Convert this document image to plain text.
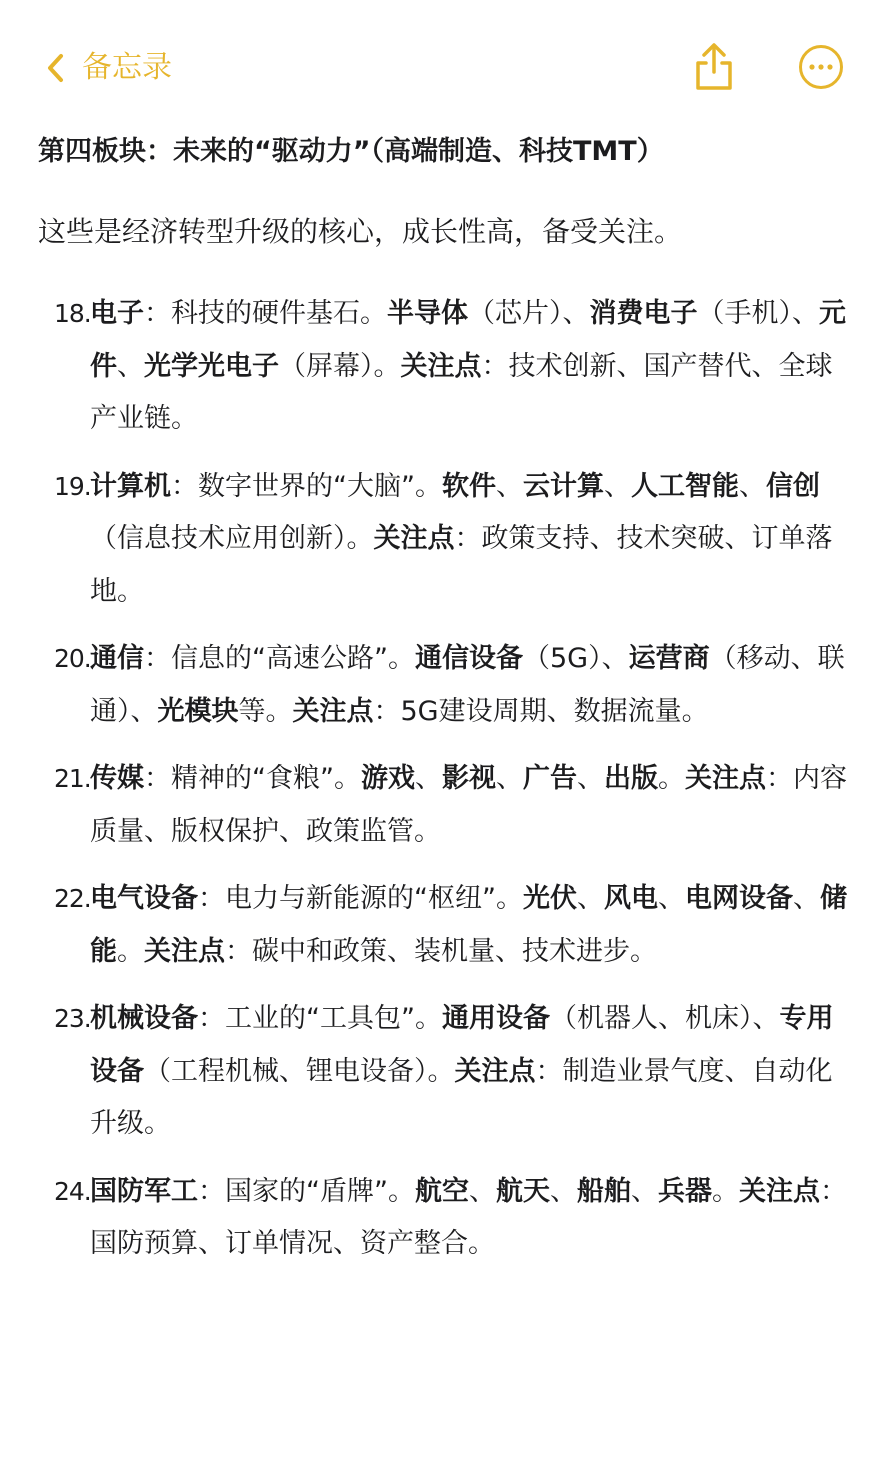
备忘录
第四板块：未来的“驱动力”（高端制造、科技TMT）

这些是经济转型升级的核心，成长性高，备受关注。

18. 电子：科技的硬件基石。半导体（芯片）、消费电子（手机）、元件、光学光电子（屏幕）。关注点：技术创新、国产替代、全球产业链。
19. 计算机：数字世界的“大脑”。软件、云计算、人工智能、信创（信息技术应用创新）。关注点：政策支持、技术突破、订单落地。
20. 通信：信息的“高速公路”。通信设备（5G）、运营商（移动、联通）、光模块等。关注点：5G建设周期、数据流量。
21. 传媒：精神的“食粮”。游戏、影视、广告、出版。关注点：内容质量、版权保护、政策监管。
22. 电气设备：电力与新能源的“枢纽”。光伏、风电、电网设备、储能。关注点：碳中和政策、装机量、技术进步。
23. 机械设备：工业的“工具包”。通用设备（机器人、机床）、专用设备（工程机械、锂电设备）。关注点：制造业景气度、自动化升级。
24. 国防军工：国家的“盾牌”。航空、航天、船舶、兵器。关注点：国防预算、订单情况、资产整合。
